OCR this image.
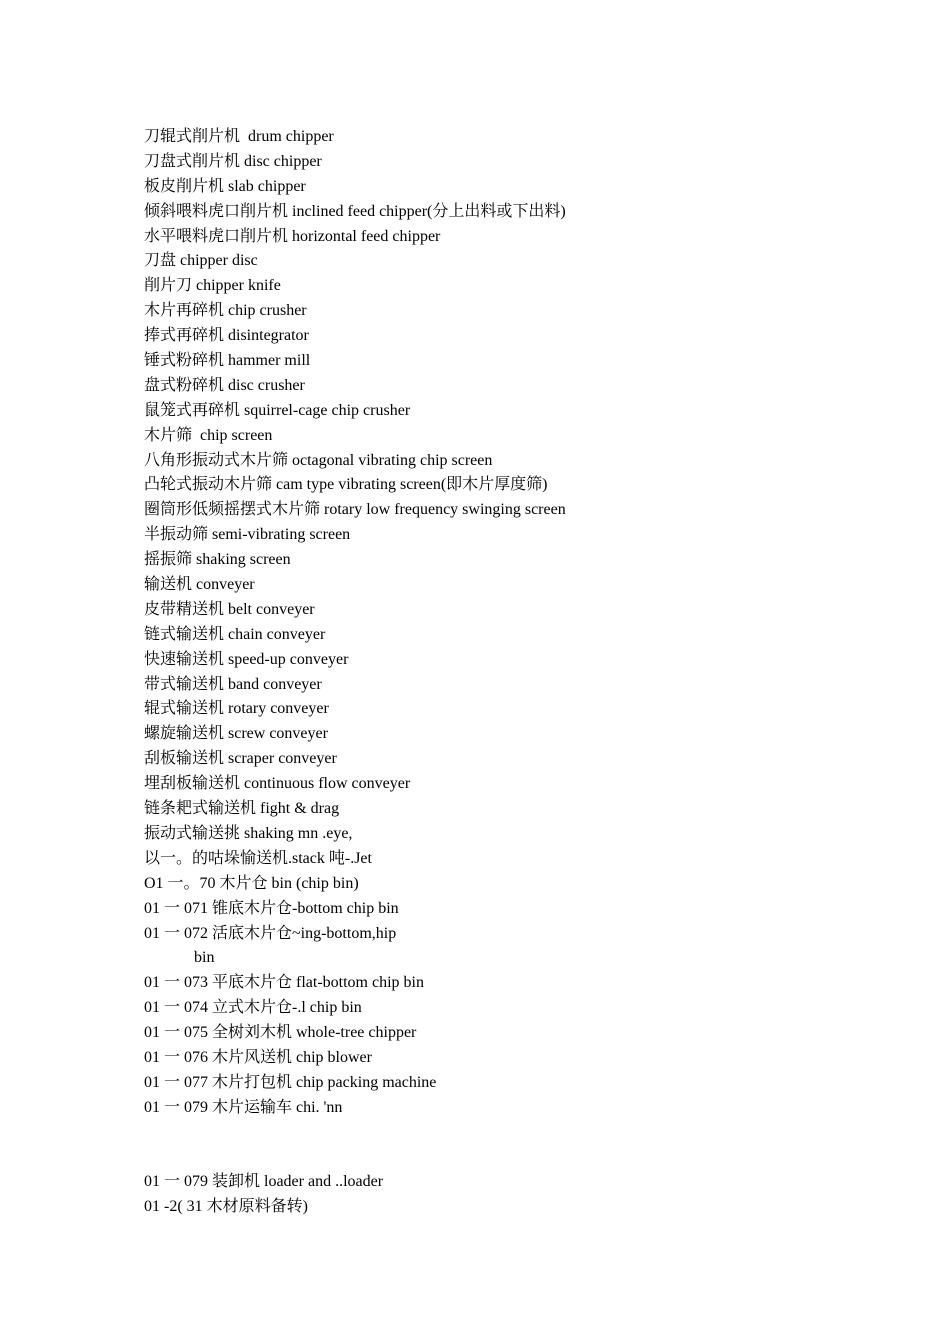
刀辊式削片机  drum chipper
刀盘式削片机 disc chipper
板皮削片机 slab chipper
倾斜喂料虎口削片机 inclined feed chipper(分上出料或下出料)
水平喂料虎口削片机 horizontal feed chipper
刀盘 chipper disc
削片刀 chipper knife
木片再碎机 chip crusher
捧式再碎机 disintegrator
锤式粉碎机 hammer mill
盘式粉碎机 disc crusher
鼠笼式再碎机 squirrel-cage chip crusher
木片筛  chip screen
八角形振动式木片筛 octagonal vibrating chip screen
凸轮式振动木片筛 cam type vibrating screen(即木片厚度筛)
圈筒形低频摇摆式木片筛 rotary low frequency swinging screen
半振动筛 semi-vibrating screen
摇振筛 shaking screen
输送机 conveyer
皮带精送机 belt conveyer
链式输送机 chain conveyer
快速输送机 speed-up conveyer
带式输送机 band conveyer
辊式输送机 rotary conveyer
螺旋输送机 screw conveyer
刮板输送机 scraper conveyer
埋刮板输送机 continuous flow conveyer
链条耙式输送机 fight & drag
振动式输送挑 shaking mn .eye,
以一。的咕垛愉送机.stack 吨-.Jet
O1 一。70 木片仓 bin (chip bin)
01 一 071 锥底木片仓-bottom chip bin
01 一 072 活底木片仓~ing-bottom,hip
bin
01 一 073 平底木片仓 flat-bottom chip bin
01 一 074 立式木片仓-.l chip bin
01 一 075 全树刘木机 whole-tree chipper
01 一 076 木片风送机 chip blower
01 一 077 木片打包机 chip packing machine
01 一 079 木片运输车 chi. 'nn
01 一 079 装卸机 loader and ..loader
01 -2( 31 木材原料备转)
